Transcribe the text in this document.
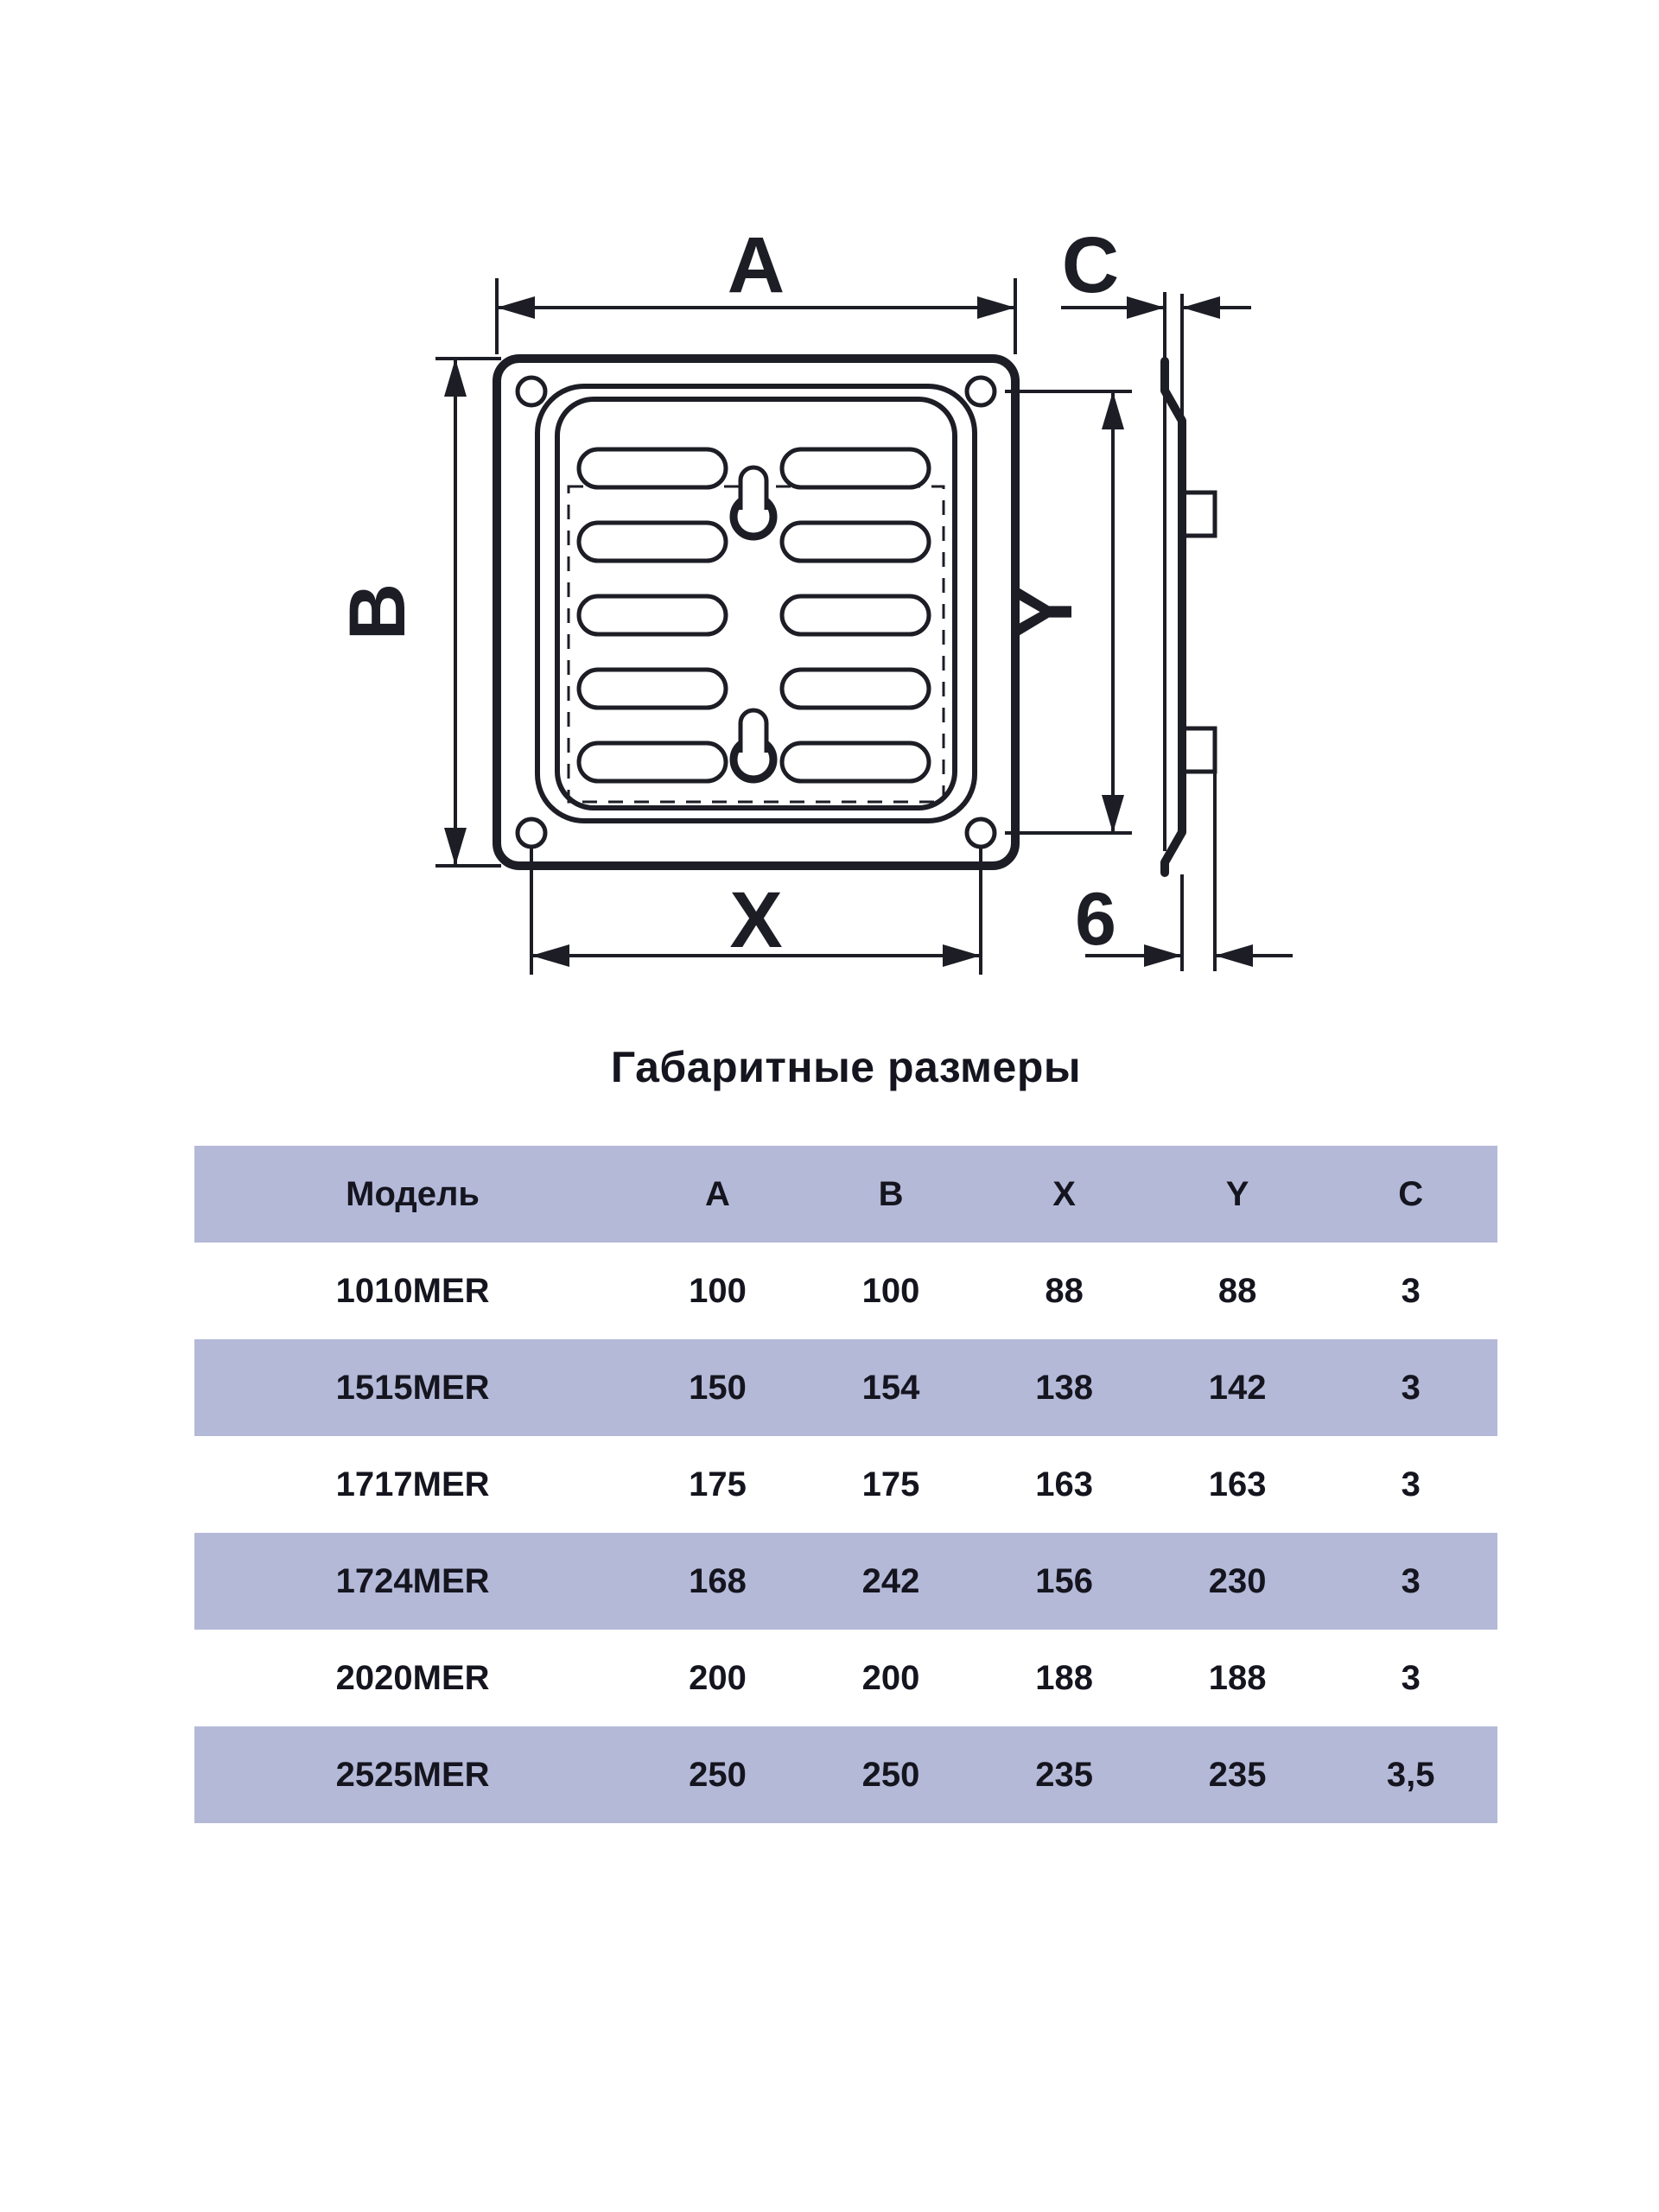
A
B
X
Y
C
6
Габаритные размеры
Модель	A	B	X	Y	C
1010MER	100	100	88	88	3
1515MER	150	154	138	142	3
1717MER	175	175	163	163	3
1724MER	168	242	156	230	3
2020MER	200	200	188	188	3
2525MER	250	250	235	235	3,5
